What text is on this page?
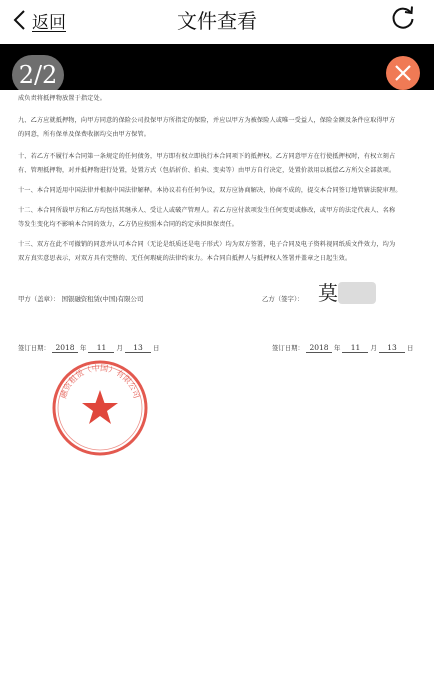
返回	文件查看
2/2

成负责将抵押物放置于指定处。

九、乙方应就抵押物，向甲方同意的保险公司投保甲方所指定的保险，并应以甲方为被保险人或唯一受益人，保险金额及条件应取得甲方

的同意，所有保单及保费收据均交由甲方保管。

十、若乙方不履行本合同第一条规定的任何债务，甲方即有权立即执行本合同项下的抵押权。乙方同意甲方在行使抵押权时，有权立刻占

有、管理抵押物，对并抵押物进行处置，处置方式（包括折价、拍卖、变卖等）由甲方自行决定，处置价款用以抵偿乙方所欠全部款项。

十一、本合同适用中国法律并根据中国法律解释。本协议若有任何争议，双方应协商解决，协商不成的，提交本合同签订地管辖法院审理。

十二、本合同所载甲方和乙方均包括其继承人、受让人或破产管理人。若乙方应付款项发生任何变更或修改，或甲方的法定代表人、名称

等发生变化均不影响本合同的效力，乙方仍应按照本合同的约定承担担保责任。

十三、双方在此不可撤销的同意并认可本合同（无论是纸质还是电子形式）均为双方签署，电子合同及电子资料视同纸质文件效力，均为

双方真实意思表示，对双方具有完整的、无任何瑕疵的法律约束力。本合同自抵押人与抵押权人签署并盖章之日起生效。

甲方（盖章）： 国银融资租赁(中国)有限公司	乙方（签字）： 莫
签订日期： 2018 年 11 月 13 日	签订日期： 2018 年 11 月 13 日
融资租赁（中国）有限公司
